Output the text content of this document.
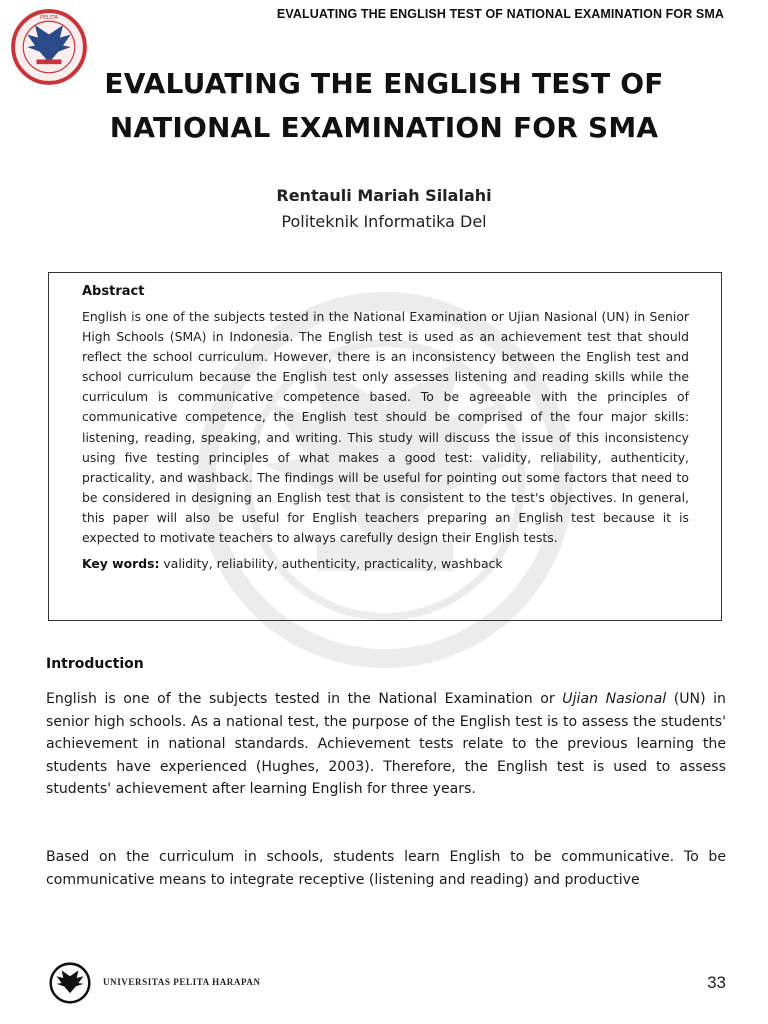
PELITA	EVALUATING THE ENGLISH TEST OF NATIONAL EXAMINATION FOR SMA
EVALUATING THE ENGLISH TEST OF
NATIONAL EXAMINATION FOR SMA
Rentauli Mariah Silalahi
Politeknik Informatika Del
Abstract

English is one of the subjects tested in the National Examination or Ujian Nasional (UN) in Senior High Schools (SMA) in Indonesia. The English test is used as an achievement test that should reflect the school curriculum. However, there is an inconsistency between the English test and school curriculum because the English test only assesses listening and reading skills while the curriculum is communicative competence based. To be agreeable with the principles of communicative competence, the English test should be comprised of the four major skills: listening, reading, speaking, and writing. This study will discuss the issue of this inconsistency using five testing principles of what makes a good test: validity, reliability, authenticity, practicality, and washback. The findings will be useful for pointing out some factors that need to be considered in designing an English test that is consistent to the test's objectives. In general, this paper will also be useful for English teachers preparing an English test because it is expected to motivate teachers to always carefully design their English tests.

Key words: validity, reliability, authenticity, practicality, washback
Introduction

English is one of the subjects tested in the National Examination or Ujian Nasional (UN) in senior high schools. As a national test, the purpose of the English test is to assess the students' achievement in national standards. Achievement tests relate to the previous learning the students have experienced (Hughes, 2003). Therefore, the English test is used to assess students' achievement after learning English for three years.

Based on the curriculum in schools, students learn English to be communicative. To be communicative means to integrate receptive (listening and reading) and productive

UNIVERSITAS PELITA HARAPAN	33
